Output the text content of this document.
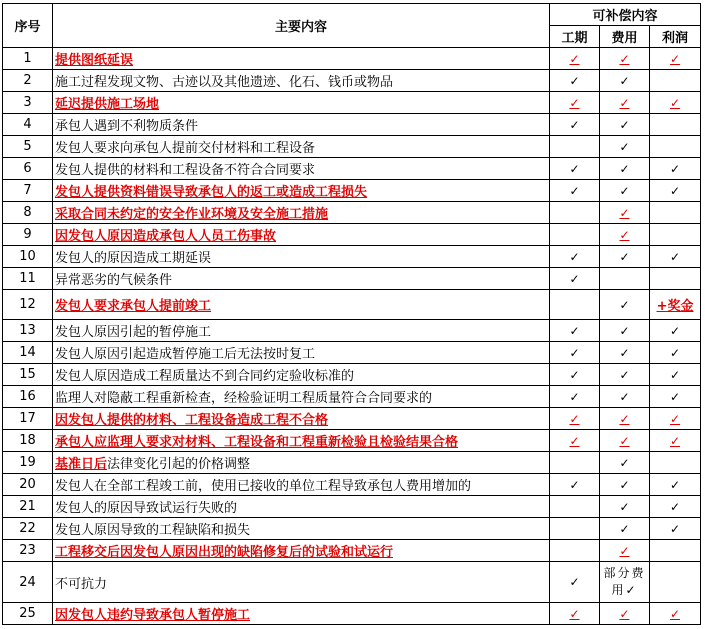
序号	主要内容	可补偿内容		
		工期	费用	利润
1	提供图纸延误	✓	✓	✓
2	施工过程发现文物、古迹以及其他遗迹、化石、钱币或物品	✓	✓	
3	延迟提供施工场地	✓	✓	✓
4	承包人遇到不利物质条件	✓	✓	
5	发包人要求向承包人提前交付材料和工程设备		✓	
6	发包人提供的材料和工程设备不符合合同要求	✓	✓	✓
7	发包人提供资料错误导致承包人的返工或造成工程损失	✓	✓	✓
8	采取合同未约定的安全作业环境及安全施工措施		✓	
9	因发包人原因造成承包人人员工伤事故		✓	
10	发包人的原因造成工期延误	✓	✓	✓
11	异常恶劣的气候条件	✓		
12	发包人要求承包人提前竣工		✓	+奖金
13	发包人原因引起的暂停施工	✓	✓	✓
14	发包人原因引起造成暂停施工后无法按时复工	✓	✓	✓
15	发包人原因造成工程质量达不到合同约定验收标准的	✓	✓	✓
16	监理人对隐蔽工程重新检查，经检验证明工程质量符合合同要求的	✓	✓	✓
17	因发包人提供的材料、工程设备造成工程不合格	✓	✓	✓
18	承包人应监理人要求对材料、工程设备和工程重新检验且检验结果合格	✓	✓	✓
19	基准日后法律变化引起的价格调整		✓	
20	发包人在全部工程竣工前，使用已接收的单位工程导致承包人费用增加的	✓	✓	✓
21	发包人的原因导致试运行失败的		✓	✓
22	发包人原因导致的工程缺陷和损失		✓	✓
23	工程移交后因发包人原因出现的缺陷修复后的试验和试运行		✓	
24	不可抗力	✓	部分费用✓	
25	因发包人违约导致承包人暂停施工	✓	✓	✓
